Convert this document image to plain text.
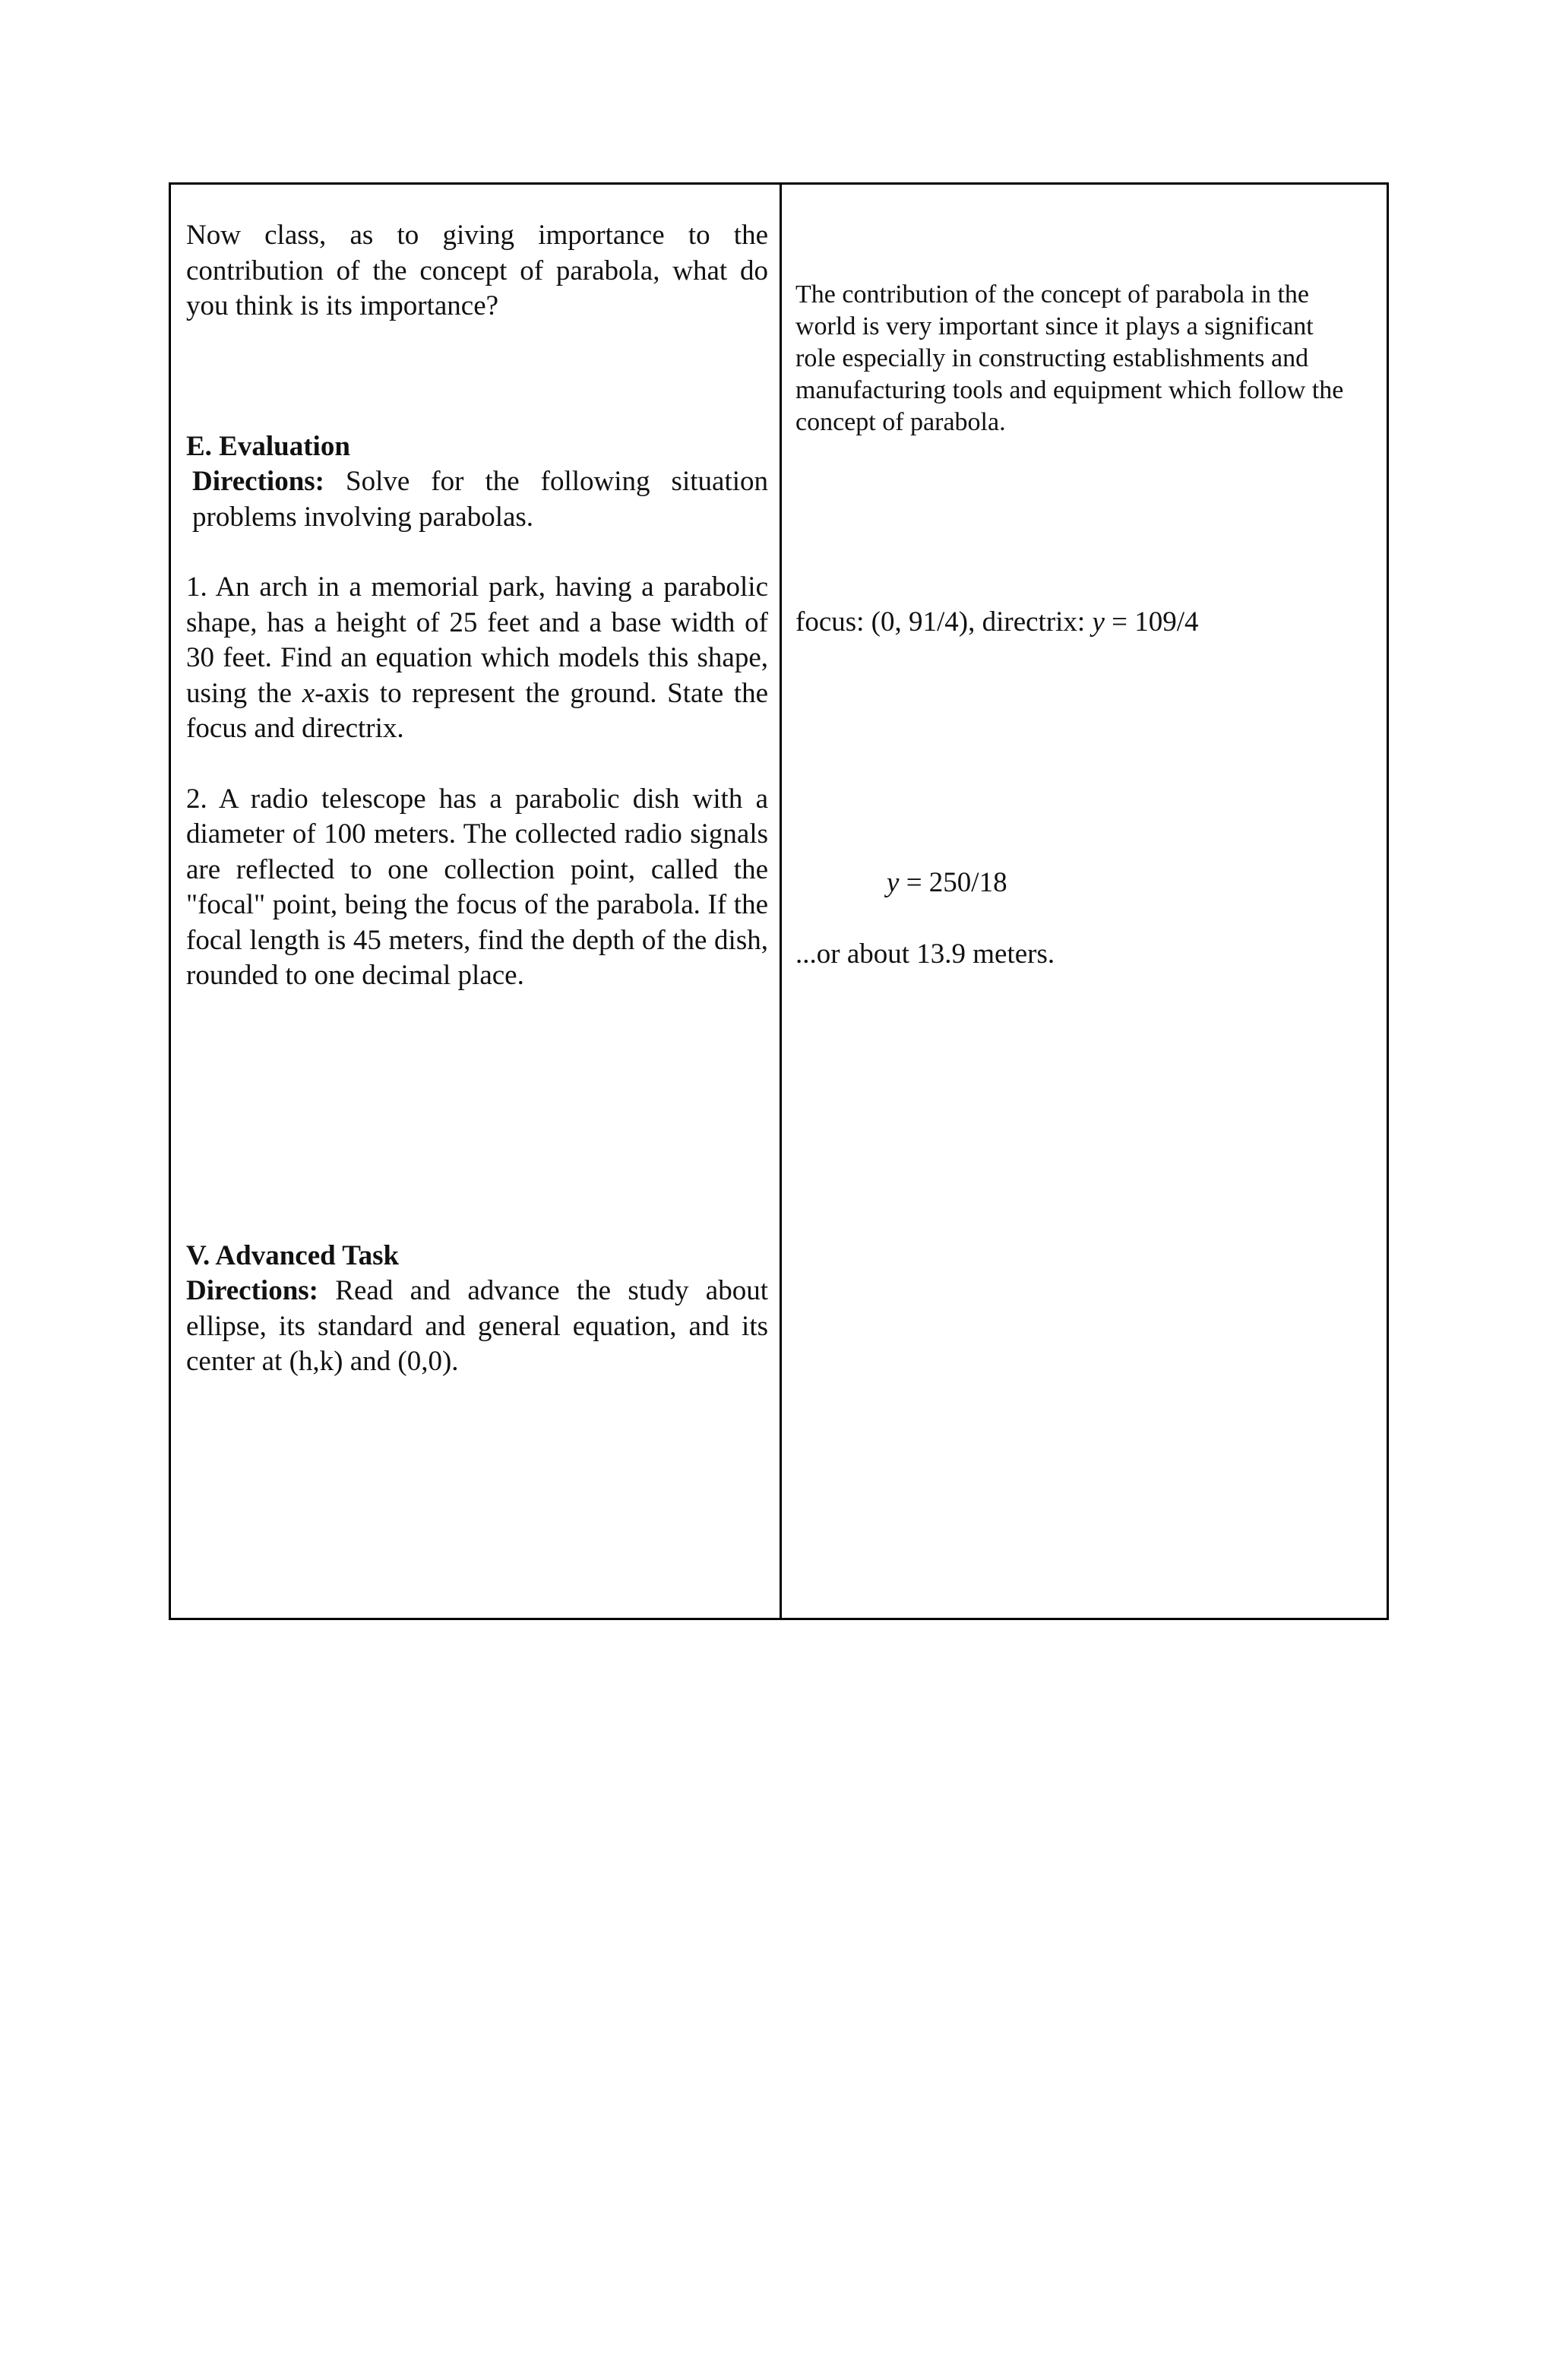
Now class, as to giving importance to the contribution of the concept of parabola, what do you think is its importance?

E. Evaluation

Directions: Solve for the following situation problems involving parabolas.

1. An arch in a memorial park, having a parabolic shape, has a height of 25 feet and a base width of 30 feet. Find an equation which models this shape, using the x-axis to represent the ground. State the focus and directrix.

2. A radio telescope has a parabolic dish with a diameter of 100 meters. The collected radio signals are reflected to one collection point, called the "focal" point, being the focus of the parabola. If the focal length is 45 meters, find the depth of the dish, rounded to one decimal place.

V. Advanced Task

Directions: Read and advance the study about ellipse, its standard and general equation, and its center at (h,k) and (0,0).

The contribution of the concept of parabola in the world is very important since it plays a significant role especially in constructing establishments and manufacturing tools and equipment which follow the concept of parabola.
focus: (0, 91/4), directrix: y = 109/4
y = 250/18
...or about 13.9 meters.
